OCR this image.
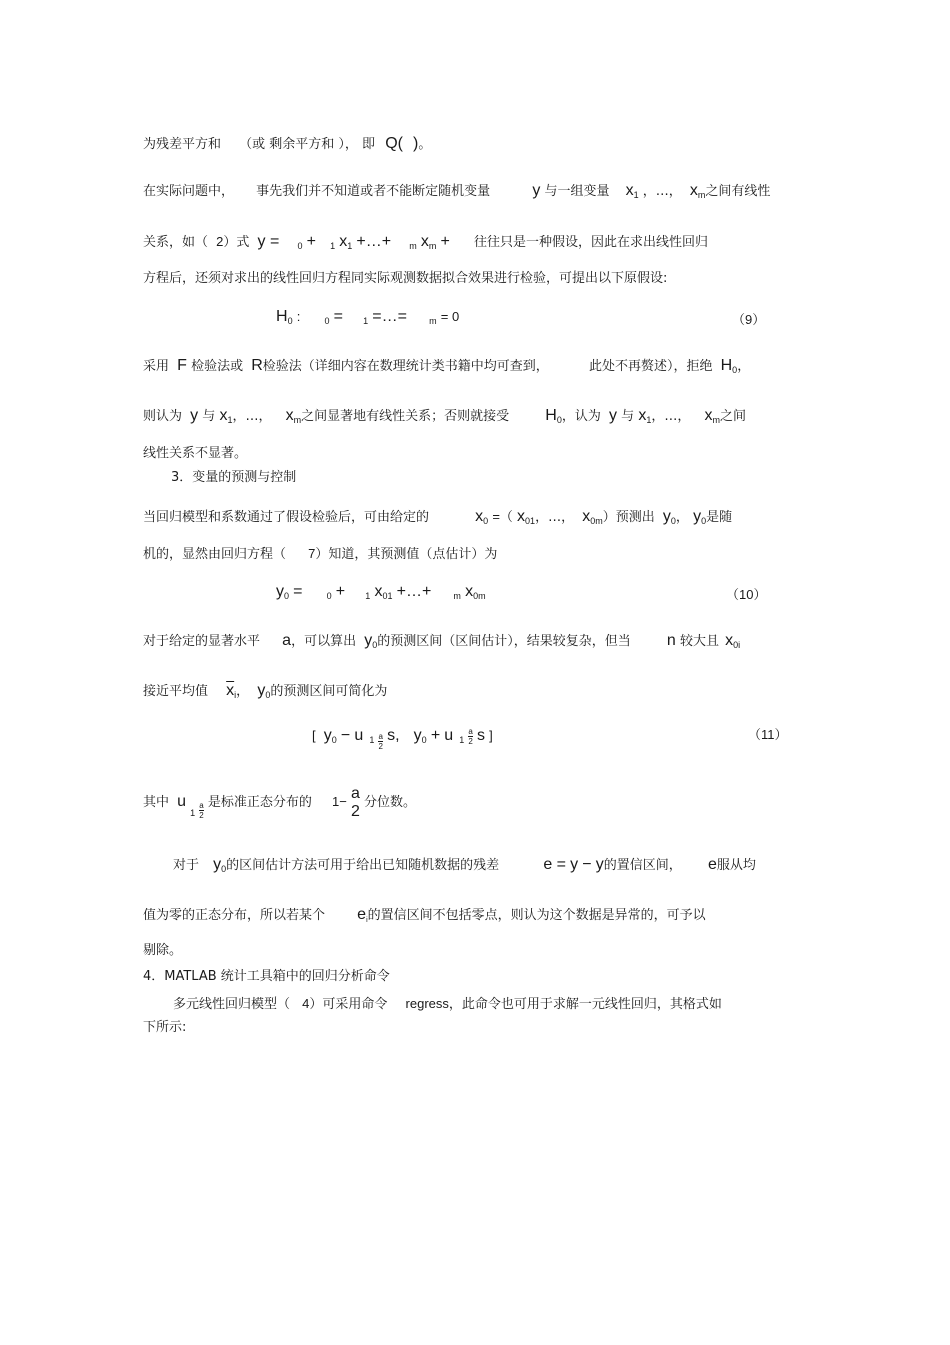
为残差平方和 （或 剩余平方和 ）， 即 Q( )。
在实际问题中， 事先我们并不知道或者不能断定随机变量	y 与一组变量 $x_1$ ，…， $x_m$之间有线性
关系，如（ 2）式 y = $_0$ + $_1$ $x_1$ +…+ $_m$ $x_m$ + 往往只是一种假设，因此在求出线性回归
方程后，还须对求出的线性回归方程同实际观测数据拟合效果进行检验，可提出以下原假设:
$H_0$ :	$_0$ = $_1$ =…= $_m$ = 0	（9）
采用 F 检验法或 R检验法（详细内容在数理统计类书籍中均可查到，	此处不再赘述），拒绝 $H_0$，
则认为 y 与 $x_1$，…， $x_m$之间显著地有线性关系；否则就接受 $H_0$，认为 y 与 $x_1$，…， $x_m$之间
线性关系不显著。
3．变量的预测与控制
当回归模型和系数通过了假设检验后，可由给定的	$x_0$ =（ $x_{01}$，…， $x_{0m}$）预测出 $y_0$， $y_0$是随
机的，显然由回归方程（ 7）知道，其预测值（点估计）为
$y_0$ =	$_0$ + $_1$ $x_{01}$ +…+ $_m$ $x_{0m}$	（10）
对于给定的显著水平 a，可以算出 $y_0$的预测区间（区间估计），结果较复杂，但当 n 较大且 $x_{0i}$
接近平均值 $\overline{x}_i$， $y_0$的预测区间可简化为
[ $y_0 - u$ $_1 \frac{a}{2} s$, $y_0 + u$ $_1 \frac{a}{2}$ s ]	（11）
其中 $u_1 \frac{a}{2}$ 是标准正态分布的 1− a
2 分位数。
对于 $y_0$的区间估计方法可用于给出已知随机数据的残差	e = y − y的置信区间， e服从均
值为零的正态分布，所以若某个 $e_i$的置信区间不包括零点，则认为这个数据是异常的，可予以
剔除。
4．MATLAB 统计工具箱中的回归分析命令
多元线性回归模型（ 4）可采用命令 regress，此命令也可用于求解一元线性回归，其格式如
下所示:
